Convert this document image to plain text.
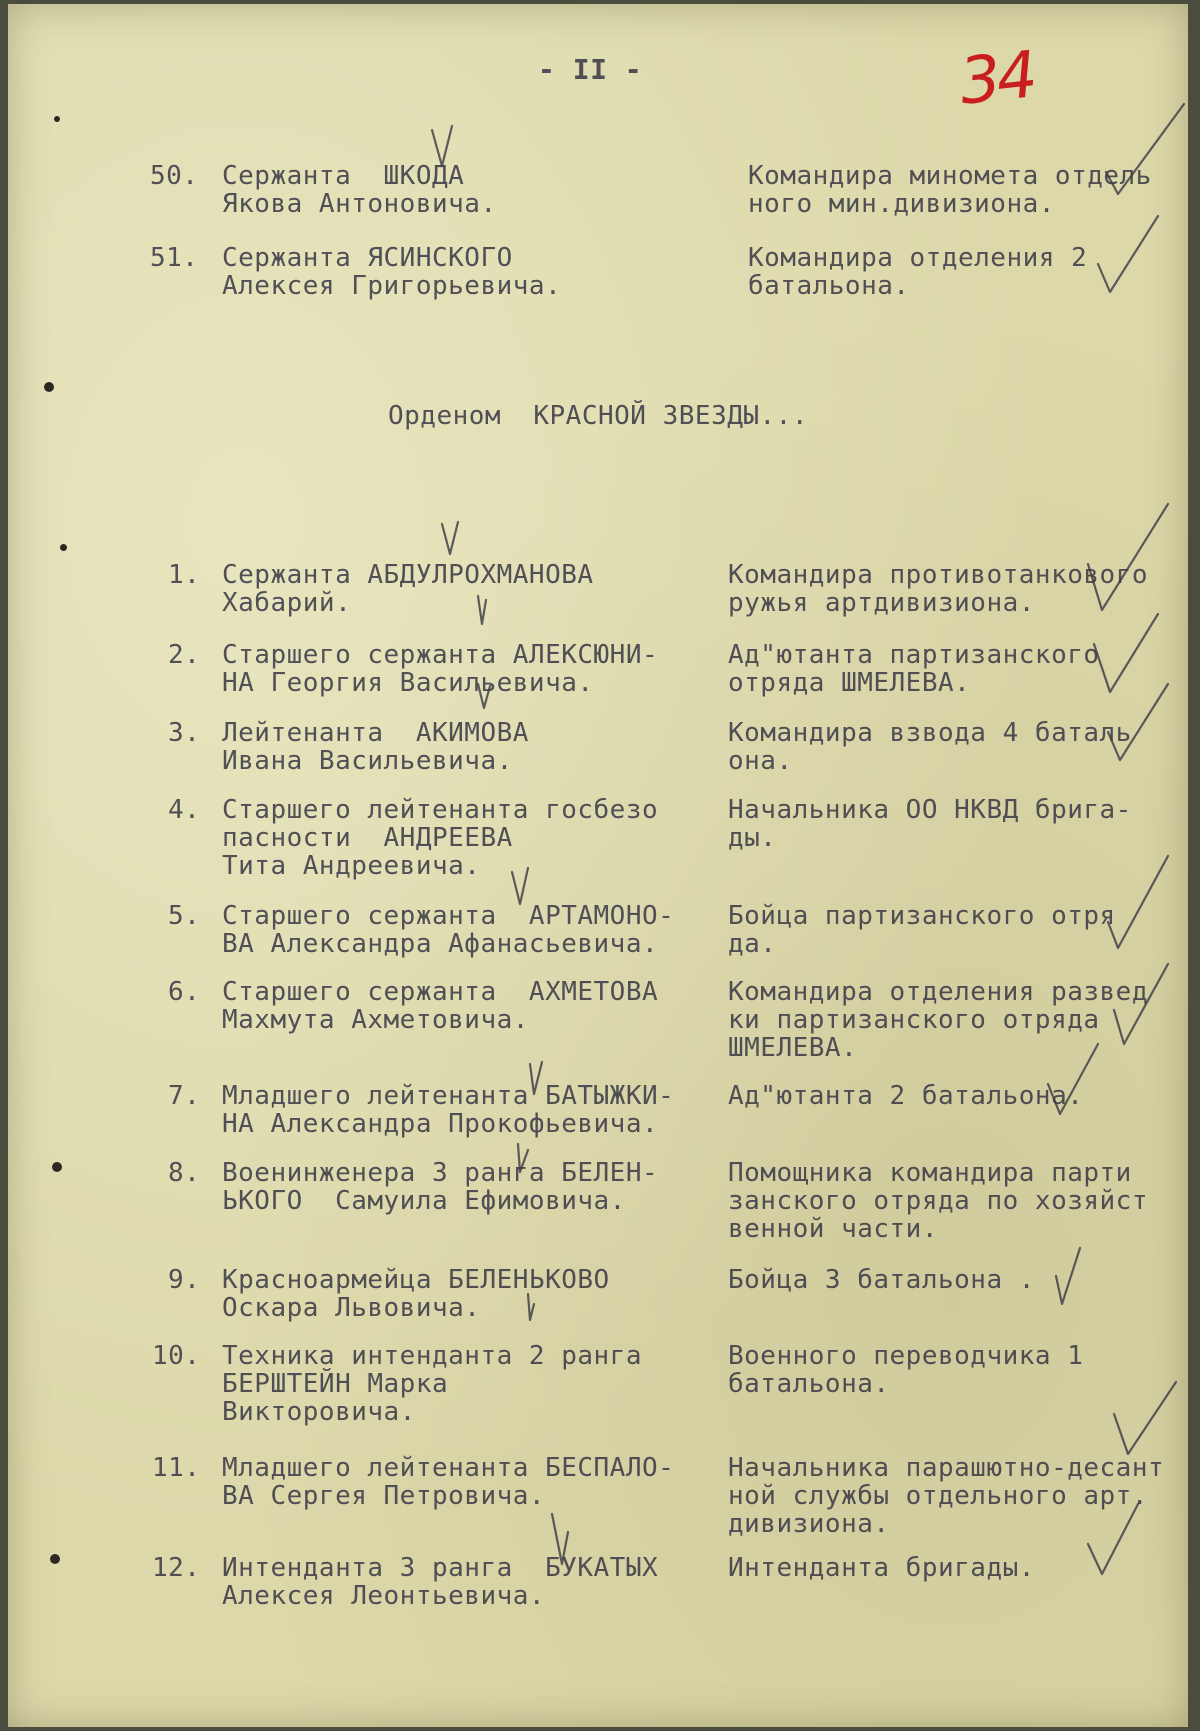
- II -	34
Орденом  КРАСНОЙ ЗВЕЗДЫ...
50. Сержанта  ШКОДА
Якова Антоновича.
Командира миномета отдель
ного мин.дивизиона.
51. Сержанта ЯСИНСКОГО
Алексея Григорьевича.
Командира отделения 2
батальона.
1. Сержанта АБДУЛРОХМАНОВА
Хабарий.
Командира противотанкового
ружья артдивизиона.
2. Старшего сержанта АЛЕКСЮНИ-
НА Георгия Васильевича.
Ад"ютанта партизанского
отряда ШМЕЛЕВА.
3. Лейтенанта  АКИМОВА
Ивана Васильевича.
Командира взвода 4 баталь
она.
4. Старшего лейтенанта госбезо
пасности  АНДРЕЕВА
Тита Андреевича.
Начальника ОО НКВД брига-
ды.
5. Старшего сержанта  АРТАМОНО-
ВА Александра Афанасьевича.
Бойца партизанского отря
да.
6. Старшего сержанта  АХМЕТОВА
Махмута Ахметовича.
Командира отделения развед
ки партизанского отряда
ШМЕЛЕВА.
7. Младшего лейтенанта БАТЫЖКИ-
НА Александра Прокофьевича.
Ад"ютанта 2 батальона.
8. Военинженера 3 ранга БЕЛЕН-
ЬКОГО  Самуила Ефимовича.
Помощника командира парти
занского отряда по хозяйст
венной части.
9. Красноармейца БЕЛЕНЬКОВО
Оскара Львовича.
Бойца 3 батальона .
10. Техника интенданта 2 ранга
БЕРШТЕЙН Марка
Викторовича.
Военного переводчика 1
батальона.
11. Младшего лейтенанта БЕСПАЛО-
ВА Сергея Петровича.
Начальника парашютно-десант
ной службы отдельного арт.
дивизиона.
12. Интенданта 3 ранга  БУКАТЫХ
Алексея Леонтьевича.
Интенданта бригады.
